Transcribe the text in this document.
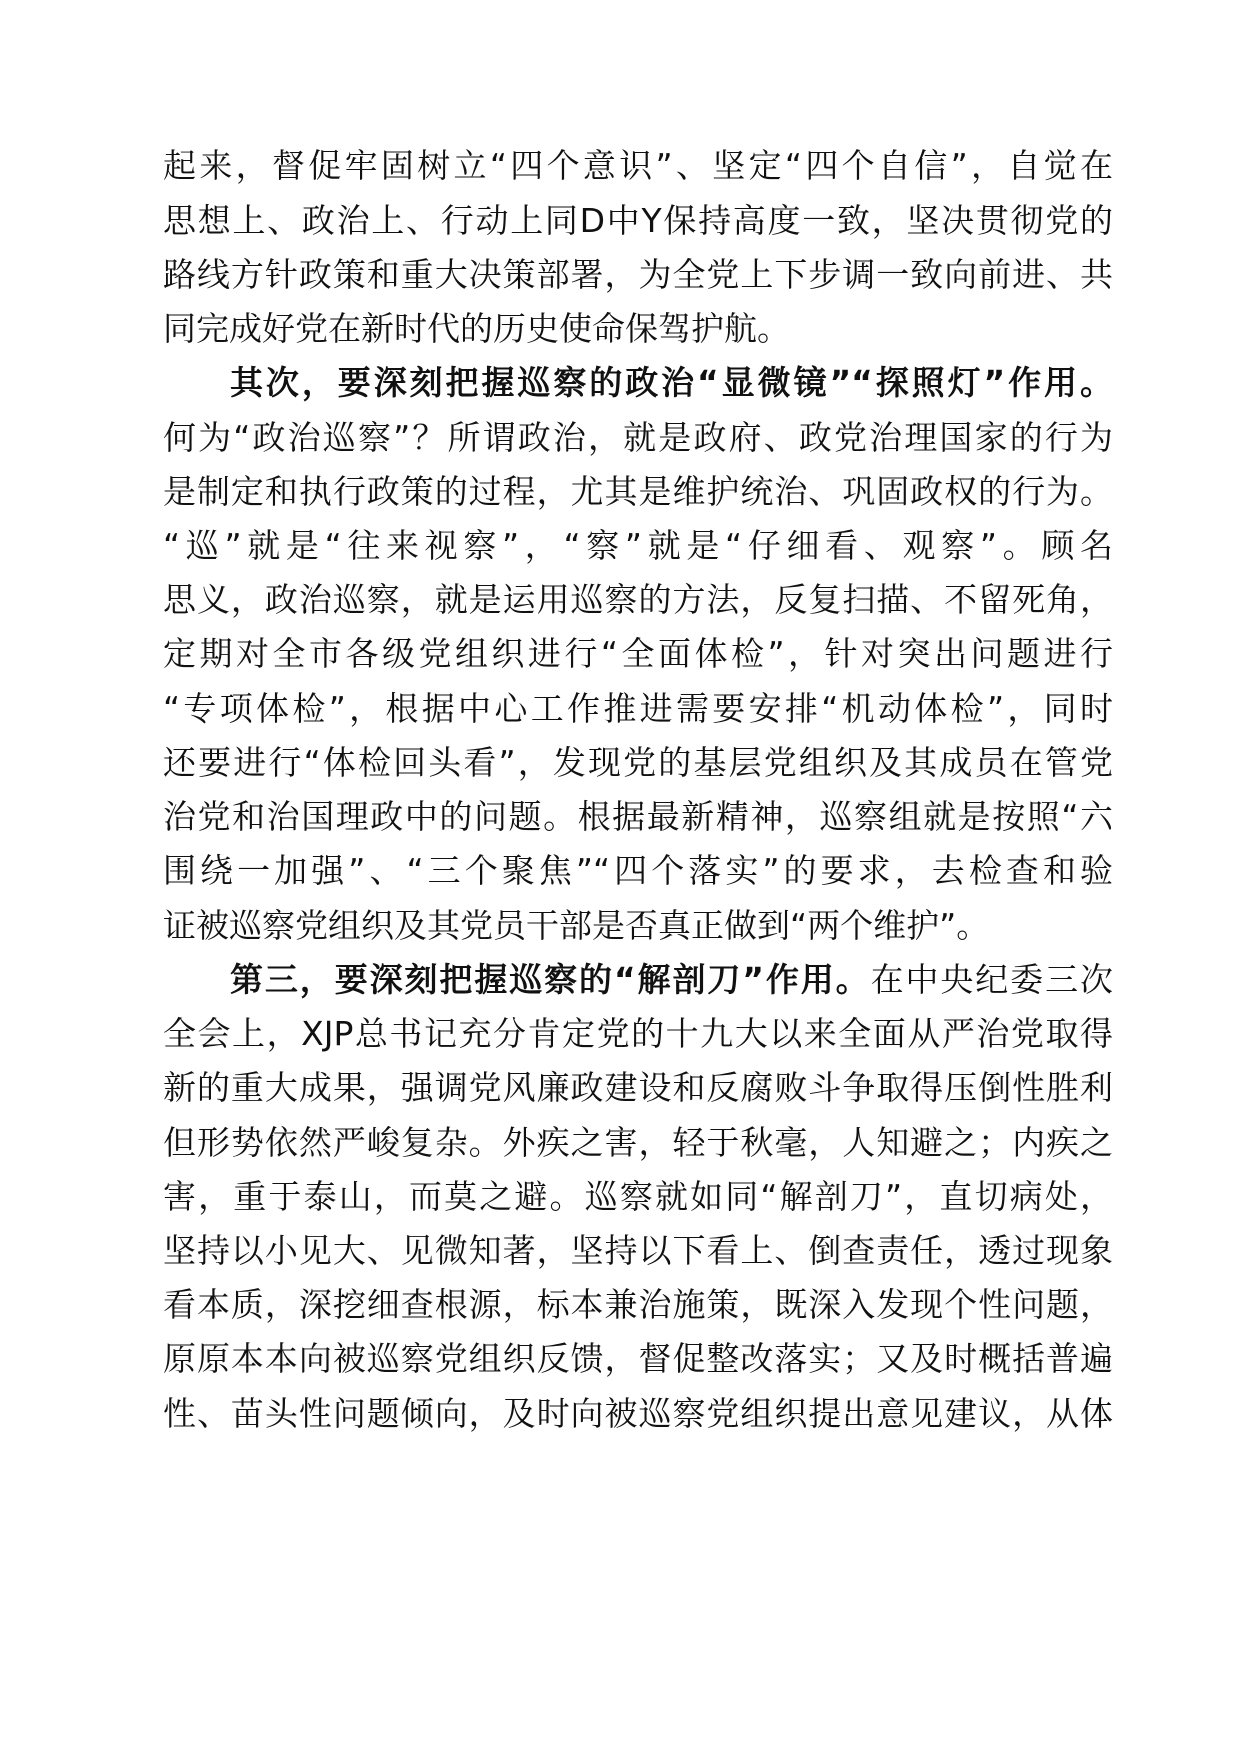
起来，督促牢固树立“四个意识”、坚定“四个自信”，自觉在
思想上、政治上、行动上同D中Y保持高度一致，坚决贯彻党的
路线方针政策和重大决策部署，为全党上下步调一致向前进、共
同完成好党在新时代的历史使命保驾护航。
其次，要深刻把握巡察的政治“显微镜”“探照灯”作用。
何为“政治巡察”？所谓政治，就是政府、政党治理国家的行为
是制定和执行政策的过程，尤其是维护统治、巩固政权的行为。
“巡”就是“往来视察”，“察”就是“仔细看、观察”。顾名
思义，政治巡察，就是运用巡察的方法，反复扫描、不留死角，
定期对全市各级党组织进行“全面体检”，针对突出问题进行
“专项体检”，根据中心工作推进需要安排“机动体检”，同时
还要进行“体检回头看”，发现党的基层党组织及其成员在管党
治党和治国理政中的问题。根据最新精神，巡察组就是按照“六
围绕一加强”、“三个聚焦”“四个落实”的要求，去检查和验
证被巡察党组织及其党员干部是否真正做到“两个维护”。
第三，要深刻把握巡察的“解剖刀”作用。在中央纪委三次
全会上，XJP总书记充分肯定党的十九大以来全面从严治党取得
新的重大成果，强调党风廉政建设和反腐败斗争取得压倒性胜利
但形势依然严峻复杂。外疾之害，轻于秋毫，人知避之；内疾之
害，重于泰山，而莫之避。巡察就如同“解剖刀”，直切病处，
坚持以小见大、见微知著，坚持以下看上、倒查责任，透过现象
看本质，深挖细查根源，标本兼治施策，既深入发现个性问题，
原原本本向被巡察党组织反馈，督促整改落实；又及时概括普遍
性、苗头性问题倾向，及时向被巡察党组织提出意见建议，从体
